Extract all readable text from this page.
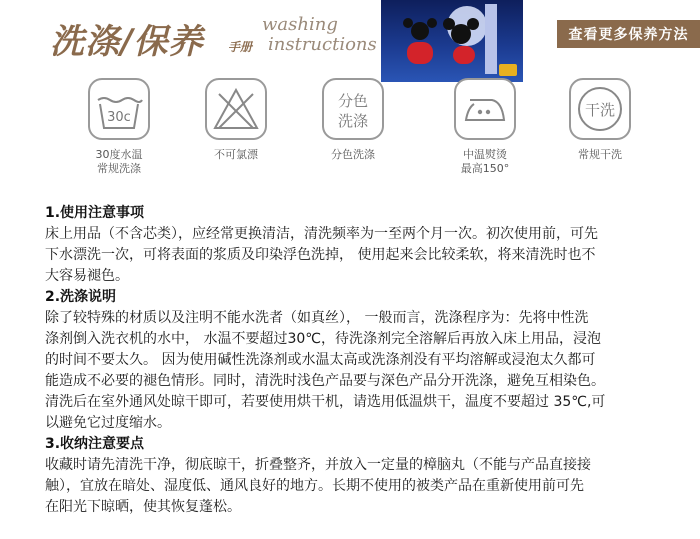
洗涤/保养 手册
washing
instructions	查看更多保养方法
30c
30度水温
常规洗涤
不可氯漂
分色
洗涤
分色洗涤	中温熨烫
最高150°
干洗
常规干洗
1.使用注意事项
床上用品（不含芯类），应经常更换清洁，清洗频率为一至两个月一次。初次使用前，可先
下水漂洗一次，可将表面的浆质及印染浮色洗掉， 使用起来会比较柔软，将来清洗时也不
大容易褪色。
2.洗涤说明
除了较特殊的材质以及注明不能水洗者（如真丝）， 一般而言，洗涤程序为：先将中性洗
涤剂倒入洗衣机的水中， 水温不要超过30℃，待洗涤剂完全溶解后再放入床上用品，浸泡
的时间不要太久。 因为使用碱性洗涤剂或水温太高或洗涤剂没有平均溶解或浸泡太久都可
能造成不必要的褪色情形。同时，清洗时浅色产品要与深色产品分开洗涤，避免互相染色。
清洗后在室外通风处晾干即可，若要使用烘干机，请选用低温烘干，温度不要超过 35℃,可
以避免它过度缩水。
3.收纳注意要点
收藏时请先清洗干净，彻底晾干，折叠整齐，并放入一定量的樟脑丸（不能与产品直接接
触），宜放在暗处、湿度低、通风良好的地方。长期不使用的被类产品在重新使用前可先
在阳光下晾晒，使其恢复蓬松。
